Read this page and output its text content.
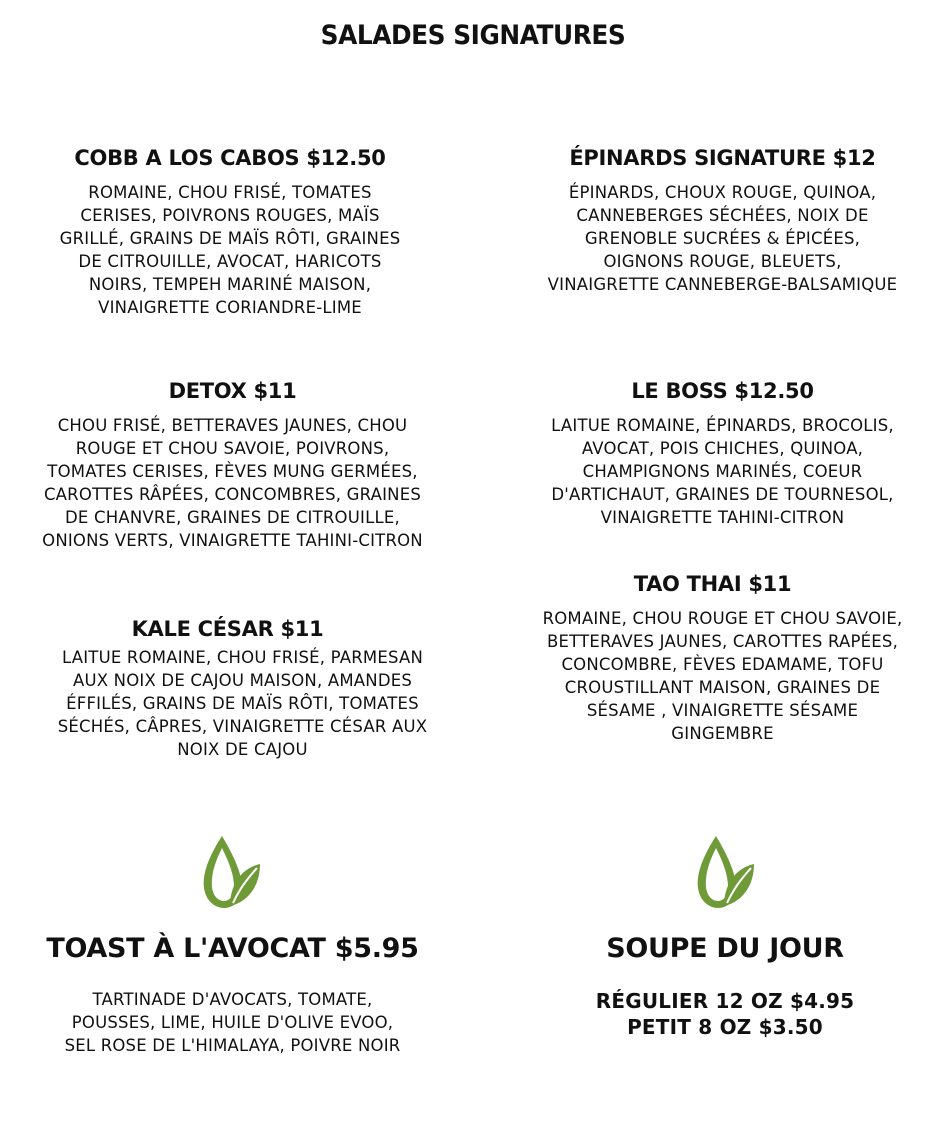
SALADES SIGNATURES
COBB A LOS CABOS $12.50

ROMAINE, CHOU FRISÉ, TOMATES CERISES, POIVRONS ROUGES, MAÏS GRILLÉ, GRAINS DE MAÏS RÔTI, GRAINES DE CITROUILLE, AVOCAT, HARICOTS NOIRS, TEMPEH MARINÉ MAISON, VINAIGRETTE CORIANDRE-LIME

ÉPINARDS SIGNATURE $12

ÉPINARDS, CHOUX ROUGE, QUINOA, CANNEBERGES SÉCHÉES, NOIX DE GRENOBLE SUCRÉES & ÉPICÉES, OIGNONS ROUGE, BLEUETS, VINAIGRETTE CANNEBERGE-BALSAMIQUE

DETOX $11

CHOU FRISÉ, BETTERAVES JAUNES, CHOU ROUGE ET CHOU SAVOIE, POIVRONS, TOMATES CERISES, FÈVES MUNG GERMÉES, CAROTTES RÂPÉES, CONCOMBRES, GRAINES DE CHANVRE, GRAINES DE CITROUILLE, ONIONS VERTS, VINAIGRETTE TAHINI-CITRON

LE BOSS $12.50

LAITUE ROMAINE, ÉPINARDS, BROCOLIS, AVOCAT, POIS CHICHES, QUINOA, CHAMPIGNONS MARINÉS, COEUR D'ARTICHAUT, GRAINES DE TOURNESOL, VINAIGRETTE TAHINI-CITRON

KALE CÉSAR $11

LAITUE ROMAINE, CHOU FRISÉ, PARMESAN AUX NOIX DE CAJOU MAISON, AMANDES ÉFFILÉS, GRAINS DE MAÏS RÔTI, TOMATES SÉCHÉS, CÂPRES, VINAIGRETTE CÉSAR AUX NOIX DE CAJOU

TAO THAI $11

ROMAINE, CHOU ROUGE ET CHOU SAVOIE, BETTERAVES JAUNES, CAROTTES RAPÉES, CONCOMBRE, FÈVES EDAMAME, TOFU CROUSTILLANT MAISON, GRAINES DE SÉSAME , VINAIGRETTE SÉSAME GINGEMBRE

TOAST À L'AVOCAT $5.95

TARTINADE D'AVOCATS, TOMATE, POUSSES, LIME, HUILE D'OLIVE EVOO, SEL ROSE DE L'HIMALAYA, POIVRE NOIR

SOUPE DU JOUR

RÉGULIER 12 OZ $4.95
PETIT 8 OZ $3.50
